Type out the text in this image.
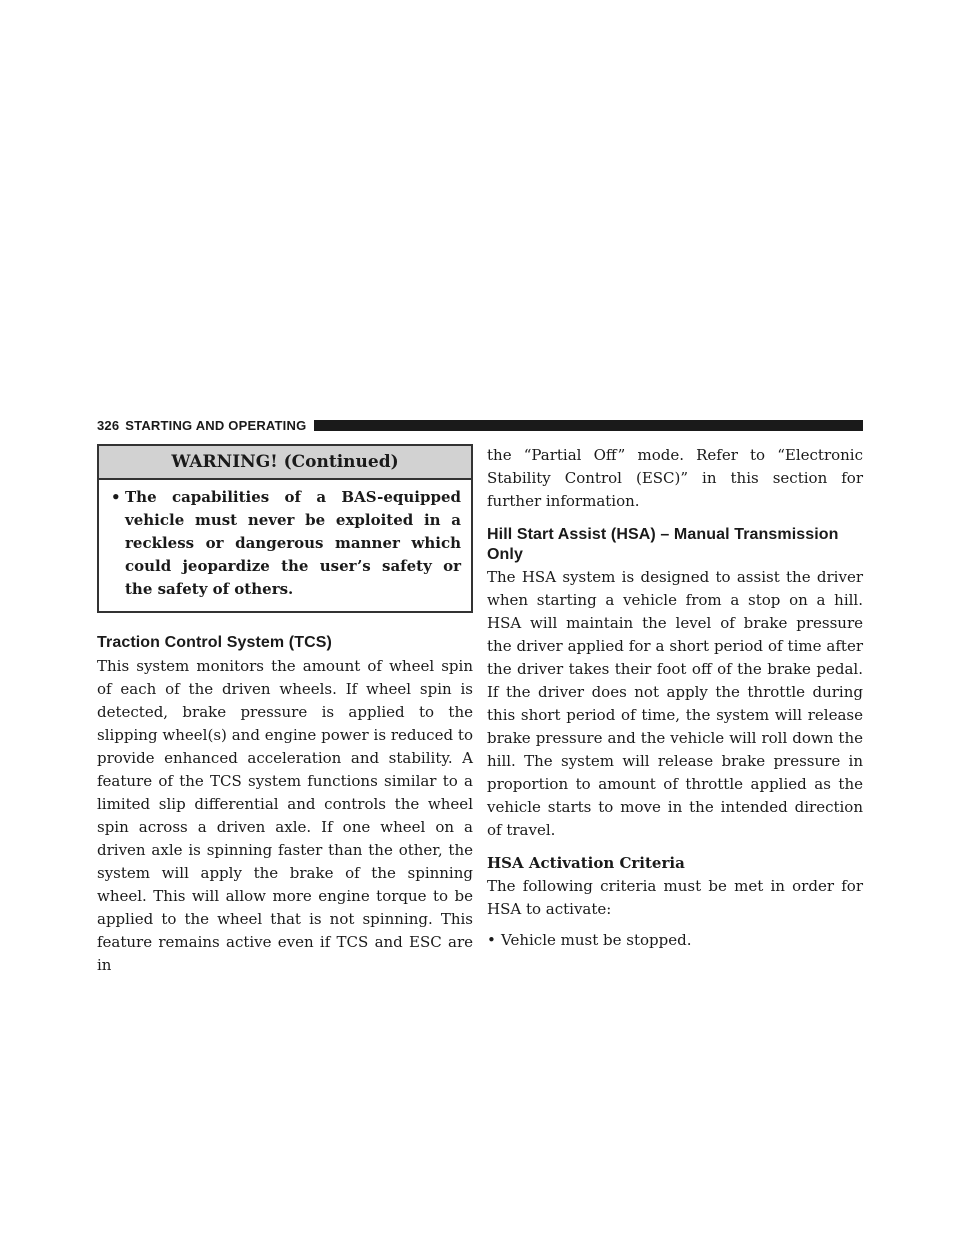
326 STARTING AND OPERATING
WARNING! (Continued)
• The capabilities of a BAS-equipped vehicle must never be exploited in a reckless or dangerous manner which could jeopardize the user’s safety or the safety of others.
Traction Control System (TCS)

This system monitors the amount of wheel spin of each of the driven wheels. If wheel spin is detected, brake pressure is applied to the slipping wheel(s) and engine power is reduced to provide enhanced acceleration and stability. A feature of the TCS system functions similar to a limited slip differential and controls the wheel spin across a driven axle. If one wheel on a driven axle is spinning faster than the other, the system will apply the brake of the spinning wheel. This will allow more engine torque to be applied to the wheel that is not spinning. This feature remains active even if TCS and ESC are in

the “Partial Off” mode. Refer to “Electronic Stability Control (ESC)” in this section for further information.

Hill Start Assist (HSA) – Manual Transmission Only

The HSA system is designed to assist the driver when starting a vehicle from a stop on a hill. HSA will maintain the level of brake pressure the driver applied for a short period of time after the driver takes their foot off of the brake pedal. If the driver does not apply the throttle during this short period of time, the system will release brake pressure and the vehicle will roll down the hill. The system will release brake pressure in proportion to amount of throttle applied as the vehicle starts to move in the intended direction of travel.

HSA Activation Criteria

The following criteria must be met in order for HSA to activate:

• Vehicle must be stopped.
